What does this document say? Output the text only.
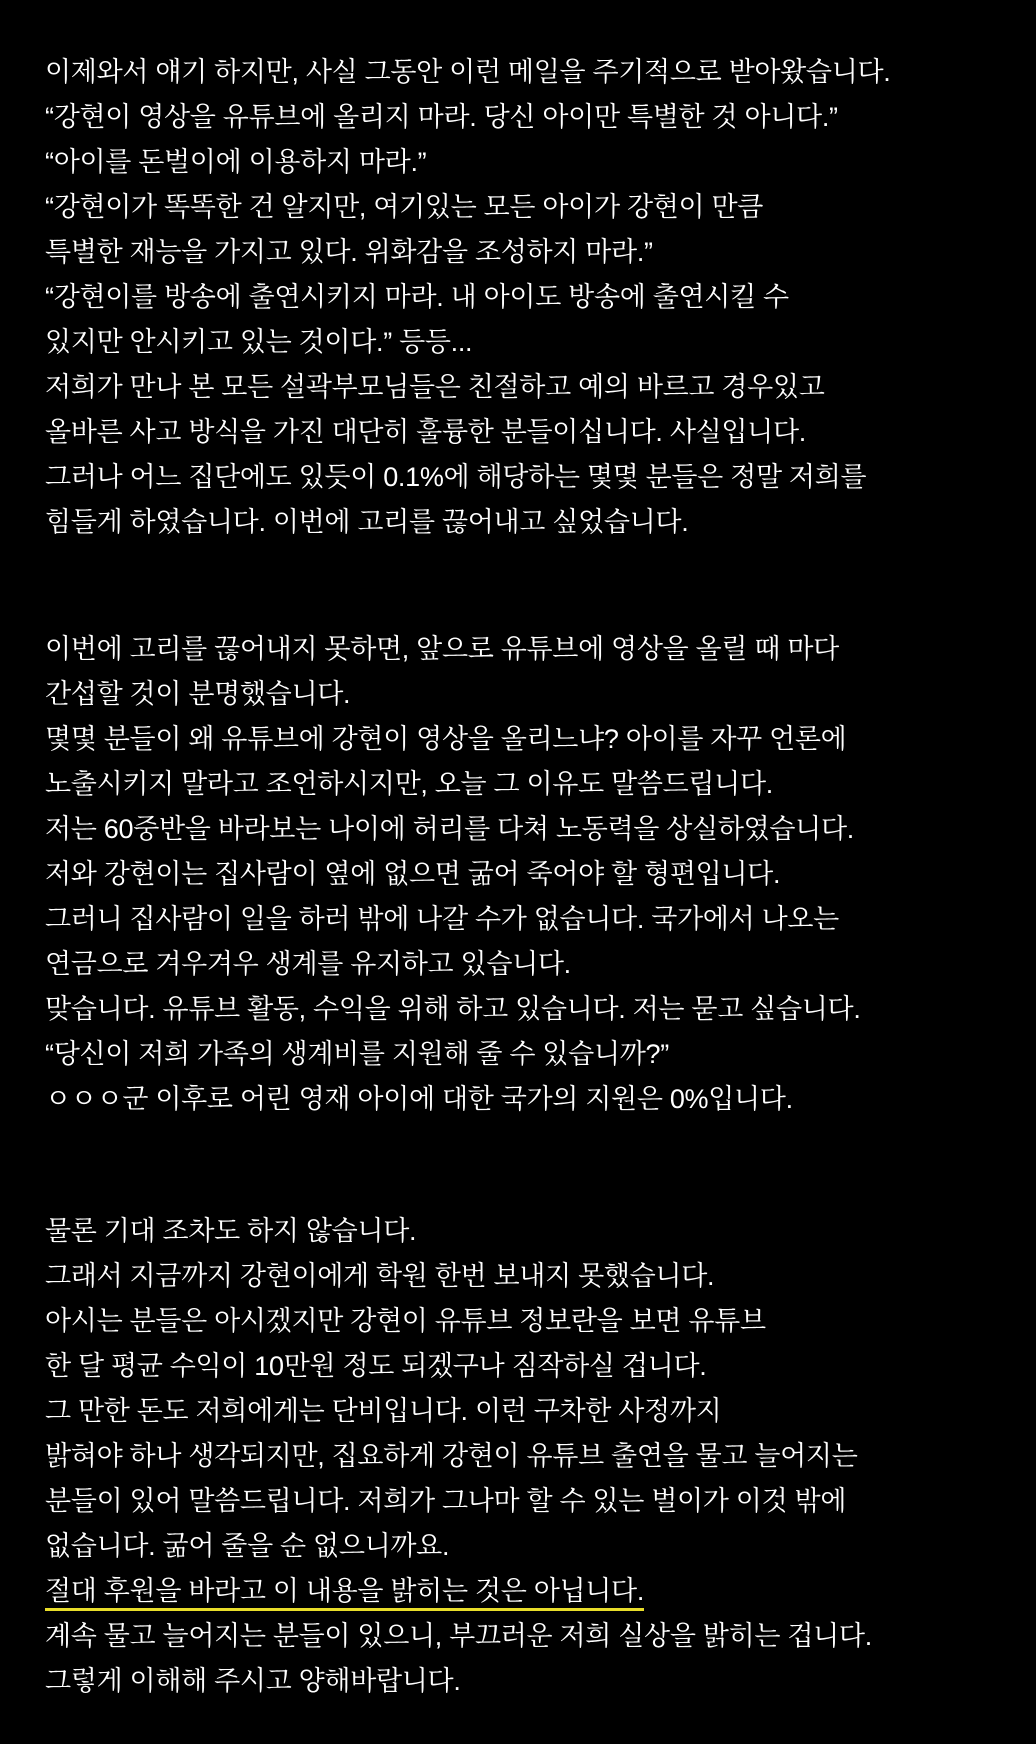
이제와서 얘기 하지만, 사실 그동안 이런 메일을 주기적으로 받아왔습니다.
“강현이 영상을 유튜브에 올리지 마라. 당신 아이만 특별한 것 아니다.”
“아이를 돈벌이에 이용하지 마라.”
“강현이가 똑똑한 건 알지만, 여기있는 모든 아이가 강현이 만큼
특별한 재능을 가지고 있다. 위화감을 조성하지 마라.”
“강현이를 방송에 출연시키지 마라. 내 아이도 방송에 출연시킬 수
있지만 안시키고 있는 것이다.” 등등...
저희가 만나 본 모든 설곽부모님들은 친절하고 예의 바르고 경우있고
올바른 사고 방식을 가진 대단히 훌륭한 분들이십니다. 사실입니다.
그러나 어느 집단에도 있듯이 0.1%에 해당하는 몇몇 분들은 정말 저희를
힘들게 하였습니다. 이번에 고리를 끊어내고 싶었습니다.
이번에 고리를 끊어내지 못하면, 앞으로 유튜브에 영상을 올릴 때 마다
간섭할 것이 분명했습니다.
몇몇 분들이 왜 유튜브에 강현이 영상을 올리느냐? 아이를 자꾸 언론에
노출시키지 말라고 조언하시지만, 오늘 그 이유도 말씀드립니다.
저는 60중반을 바라보는 나이에 허리를 다쳐 노동력을 상실하였습니다.
저와 강현이는 집사람이 옆에 없으면 굶어 죽어야 할 형편입니다.
그러니 집사람이 일을 하러 밖에 나갈 수가 없습니다. 국가에서 나오는
연금으로 겨우겨우 생계를 유지하고 있습니다.
맞습니다. 유튜브 활동, 수익을 위해 하고 있습니다. 저는 묻고 싶습니다.
“당신이 저희 가족의 생계비를 지원해 줄 수 있습니까?”
ㅇㅇㅇ군 이후로 어린 영재 아이에 대한 국가의 지원은 0%입니다.
물론 기대 조차도 하지 않습니다.
그래서 지금까지 강현이에게 학원 한번 보내지 못했습니다.
아시는 분들은 아시겠지만 강현이 유튜브 정보란을 보면 유튜브
한 달 평균 수익이 10만원 정도 되겠구나 짐작하실 겁니다.
그 만한 돈도 저희에게는 단비입니다. 이런 구차한 사정까지
밝혀야 하나 생각되지만, 집요하게 강현이 유튜브 출연을 물고 늘어지는
분들이 있어 말씀드립니다. 저희가 그나마 할 수 있는 벌이가 이것 밖에
없습니다. 굶어 줄을 순 없으니까요.
절대 후원을 바라고 이 내용을 밝히는 것은 아닙니다.
계속 물고 늘어지는 분들이 있으니, 부끄러운 저희 실상을 밝히는 겁니다.
그렇게 이해해 주시고 양해바랍니다.
